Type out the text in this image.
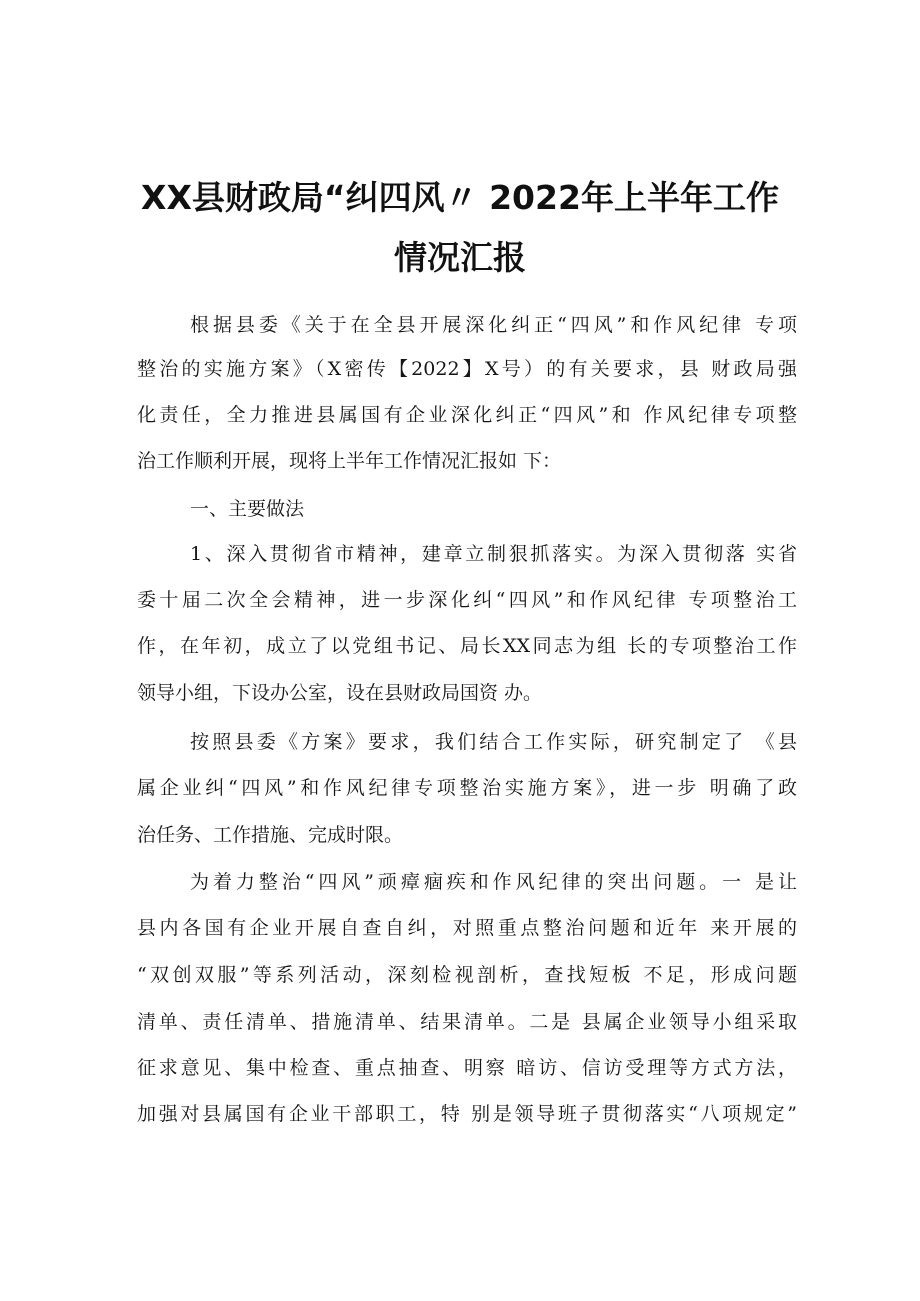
XX县财政局“纠四风〃 2022年上半年工作
情况汇报
根据县委《关于在全县开展深化纠正“四风”和作风纪律 专项
整治的实施方案》（X密传【2022】X号）的有关要求，县 财政局强
化责任，全力推进县属国有企业深化纠正“四风”和 作风纪律专项整
治工作顺利开展，现将上半年工作情况汇报如 下：
一、主要做法
1、深入贯彻省市精神，建章立制狠抓落实。为深入贯彻落 实省
委十届二次全会精神，进一步深化纠“四风”和作风纪律 专项整治工
作，在年初，成立了以党组书记、局长XX同志为组 长的专项整治工作
领导小组，下设办公室，设在县财政局国资 办。
按照县委《方案》要求，我们结合工作实际，研究制定了 《县
属企业纠“四风”和作风纪律专项整治实施方案》，进一步 明确了政
治任务、工作措施、完成时限。
为着力整治“四风”顽瘴痼疾和作风纪律的突出问题。一 是让
县内各国有企业开展自查自纠，对照重点整治问题和近年 来开展的
“双创双服”等系列活动，深刻检视剖析，查找短板 不足，形成问题
清单、责任清单、措施清单、结果清单。二是 县属企业领导小组采取
征求意见、集中检查、重点抽查、明察 暗访、信访受理等方式方法，
加强对县属国有企业干部职工，特 别是领导班子贯彻落实“八项规定”
